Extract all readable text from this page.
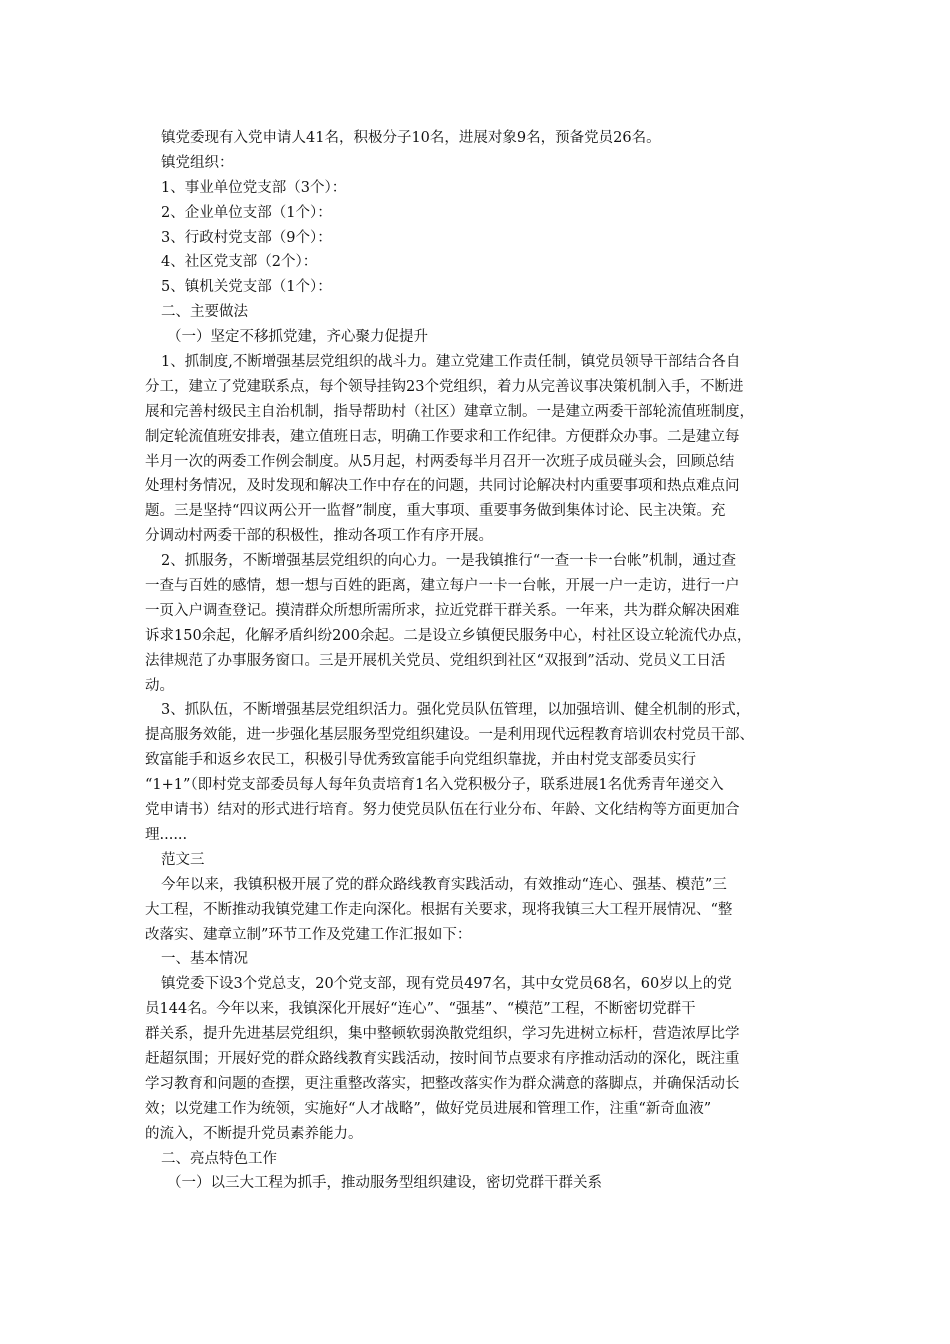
镇党委现有入党申请人41名，积极分子10名，进展对象9名，预备党员26名。
镇党组织：
1、事业单位党支部（3个）：
2、企业单位支部（1个）：
3、行政村党支部（9个）：
4、社区党支部（2个）：
5、镇机关党支部（1个）：
二、主要做法
（一）坚定不移抓党建，齐心聚力促提升
1、抓制度,不断增强基层党组织的战斗力。建立党建工作责任制，镇党员领导干部结合各自
分工，建立了党建联系点，每个领导挂钩23个党组织，着力从完善议事决策机制入手，不断进
展和完善村级民主自治机制，指导帮助村（社区）建章立制。一是建立两委干部轮流值班制度，
制定轮流值班安排表，建立值班日志，明确工作要求和工作纪律。方便群众办事。二是建立每
半月一次的两委工作例会制度。从5月起，村两委每半月召开一次班子成员碰头会，回顾总结
处理村务情况，及时发现和解决工作中存在的问题，共同讨论解决村内重要事项和热点难点问
题。三是坚持“四议两公开一监督”制度，重大事项、重要事务做到集体讨论、民主决策。充
分调动村两委干部的积极性，推动各项工作有序开展。
2、抓服务，不断增强基层党组织的向心力。一是我镇推行“一查一卡一台帐”机制，通过查
一查与百姓的感情，想一想与百姓的距离，建立每户一卡一台帐，开展一户一走访，进行一户
一页入户调查登记。摸清群众所想所需所求，拉近党群干群关系。一年来，共为群众解决困难
诉求150余起，化解矛盾纠纷200余起。二是设立乡镇便民服务中心，村社区设立轮流代办点，
法律规范了办事服务窗口。三是开展机关党员、党组织到社区“双报到”活动、党员义工日活
动。
3、抓队伍，不断增强基层党组织活力。强化党员队伍管理，以加强培训、健全机制的形式，
提高服务效能，进一步强化基层服务型党组织建设。一是利用现代远程教育培训农村党员干部、
致富能手和返乡农民工，积极引导优秀致富能手向党组织靠拢，并由村党支部委员实行
“1+1”（即村党支部委员每人每年负责培育1名入党积极分子，联系进展1名优秀青年递交入
党申请书）结对的形式进行培育。努力使党员队伍在行业分布、年龄、文化结构等方面更加合
理......
范文三
今年以来，我镇积极开展了党的群众路线教育实践活动，有效推动“连心、强基、模范”三
大工程，不断推动我镇党建工作走向深化。根据有关要求，现将我镇三大工程开展情况、“整
改落实、建章立制”环节工作及党建工作汇报如下：
一、基本情况
镇党委下设3个党总支，20个党支部，现有党员497名，其中女党员68名，60岁以上的党
员144名。今年以来，我镇深化开展好“连心”、“强基”、“模范”工程，不断密切党群干
群关系，提升先进基层党组织，集中整顿软弱涣散党组织，学习先进树立标杆，营造浓厚比学
赶超氛围；开展好党的群众路线教育实践活动，按时间节点要求有序推动活动的深化，既注重
学习教育和问题的查摆，更注重整改落实，把整改落实作为群众满意的落脚点，并确保活动长
效；以党建工作为统领，实施好“人才战略”，做好党员进展和管理工作，注重“新奇血液”
的流入，不断提升党员素养能力。
二、亮点特色工作
（一）以三大工程为抓手，推动服务型组织建设，密切党群干群关系
